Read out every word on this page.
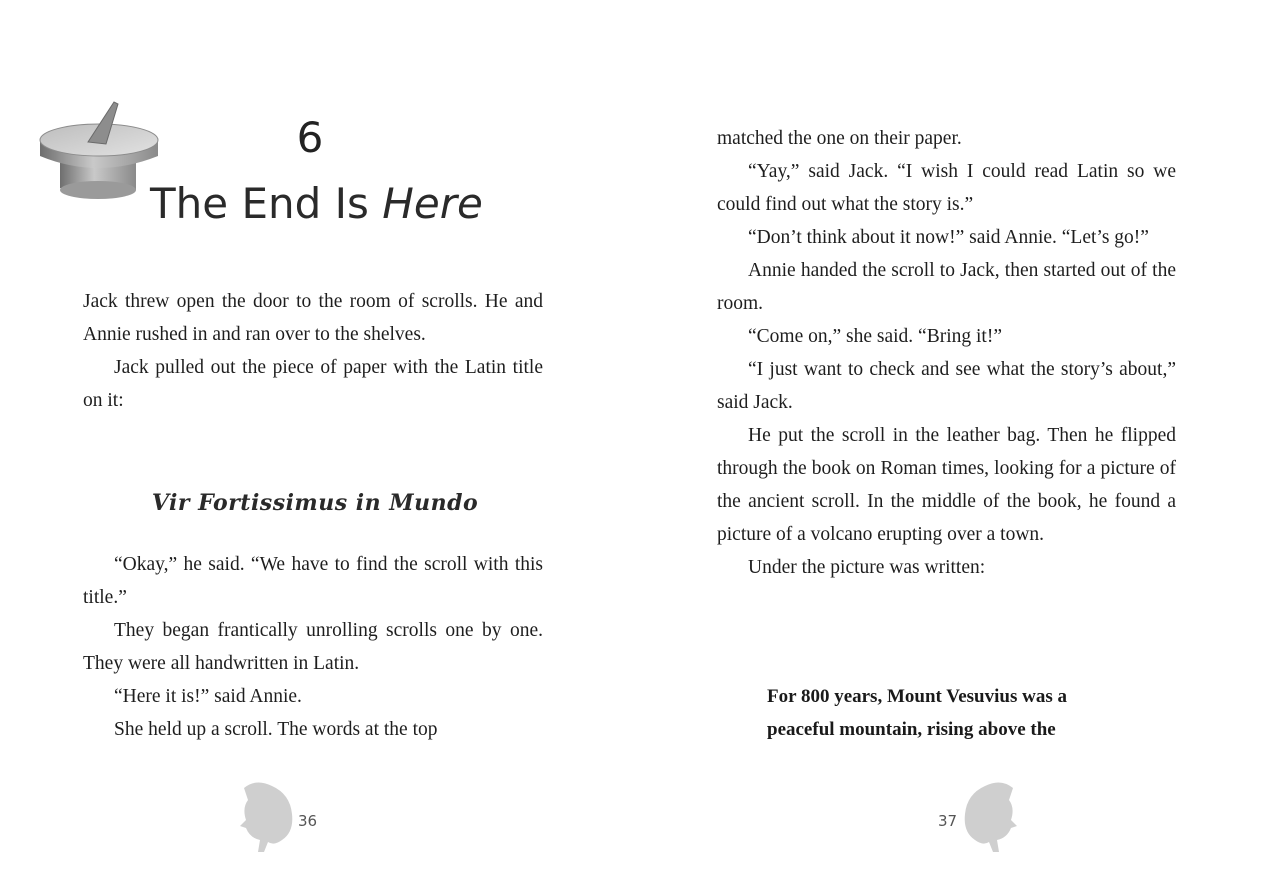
6
The End Is Here

Jack threw open the door to the room of scrolls. He and Annie rushed in and ran over to the shelves.

Jack pulled out the piece of paper with the Latin title on it:

Vir Fortissimus in Mundo

“Okay,” he said. “We have to find the scroll with this title.”

They began frantically unrolling scrolls one by one. They were all handwritten in Latin.

“Here it is!” said Annie.

She held up a scroll. The words at the top

36

matched the one on their paper.

“Yay,” said Jack. “I wish I could read Latin so we could find out what the story is.”

“Don’t think about it now!” said Annie. “Let’s go!”

Annie handed the scroll to Jack, then started out of the room.

“Come on,” she said. “Bring it!”

“I just want to check and see what the story’s about,” said Jack.

He put the scroll in the leather bag. Then he flipped through the book on Roman times, looking for a picture of the ancient scroll. In the middle of the book, he found a picture of a volcano erupting over a town.

Under the picture was written:

For 800 years, Mount Vesuvius was a
peaceful mountain, rising above the
37
